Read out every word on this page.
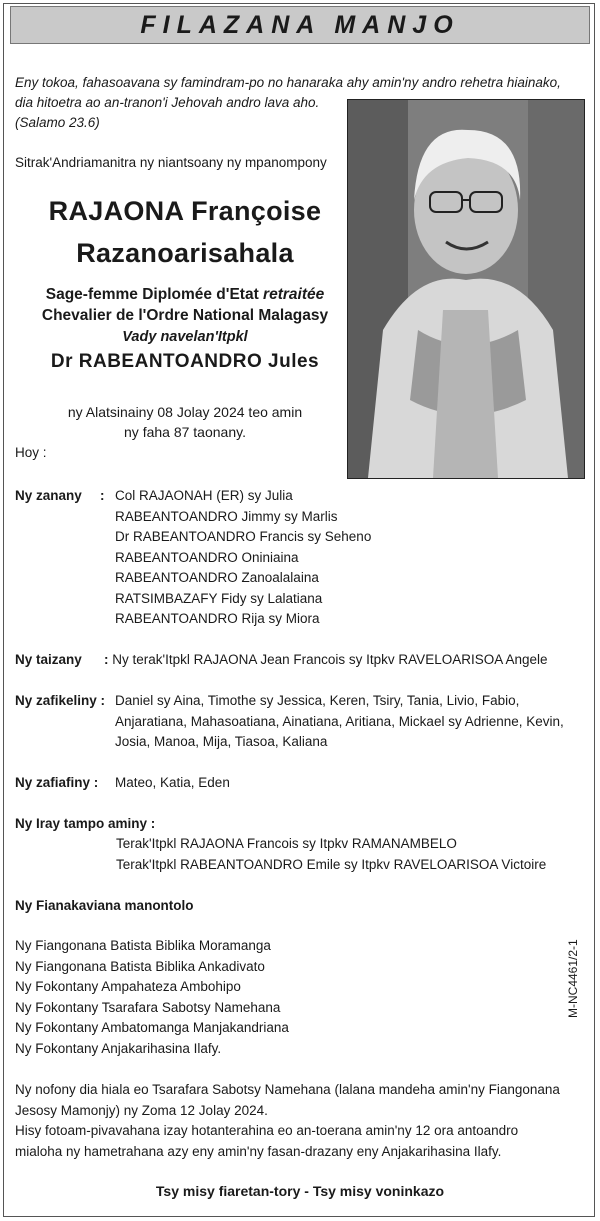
FILAZANA MANJO
Eny tokoa, fahasoavana sy famindram-po no hanaraka ahy amin'ny andro rehetra hiainako,
dia hitoetra ao an-tranon'i Jehovah andro lava aho.
(Salamo 23.6)
Sitrak'Andriamanitra ny niantsoany ny mpanompony
RAJAONA Françoise
Razanoarisahala
Sage-femme Diplomée d'Etat retraitée
Chevalier de l'Ordre National Malagasy
Vady navelan'Itpkl
Dr RABEANTOANDRO Jules
ny Alatsinainy 08 Jolay 2024 teo amin
ny faha 87 taonany.
Hoy :
Ny zanany : Col RAJAONAH (ER) sy Julia
RABEANTOANDRO Jimmy sy Marlis
Dr RABEANTOANDRO Francis sy Seheno
RABEANTOANDRO Oniniaina
RABEANTOANDRO Zanoalalaina
RATSIMBAZAFY Fidy sy Lalatiana
RABEANTOANDRO Rija sy Miora
Ny taizany : Ny terak'Itpkl RAJAONA Jean Francois sy Itpkv RAVELOARISOA Angele
Ny zafikeliny : Daniel sy Aina, Timothe sy Jessica, Keren, Tsiry, Tania, Livio, Fabio,
Anjaratiana, Mahasoatiana, Ainatiana, Aritiana, Mickael sy Adrienne, Kevin,
Josia, Manoa, Mija, Tiasoa, Kaliana
Ny zafiafiny : Mateo, Katia, Eden
Ny Iray tampo aminy :
Terak'Itpkl RAJAONA Francois sy Itpkv RAMANAMBELO
Terak'Itpkl RABEANTOANDRO Emile sy Itpkv RAVELOARISOA Victoire
Ny Fianakaviana manontolo
Ny Fiangonana Batista Biblika Moramanga
Ny Fiangonana Batista Biblika Ankadivato
Ny Fokontany Ampahateza Ambohipo
Ny Fokontany Tsarafara Sabotsy Namehana
Ny Fokontany Ambatomanga Manjakandriana
Ny Fokontany Anjakarihasina Ilafy.
M-NC4461/2-1
Ny nofony dia hiala eo Tsarafara Sabotsy Namehana (lalana mandeha amin'ny Fiangonana
Jesosy Mamonjy) ny Zoma 12 Jolay 2024.
Hisy fotoam-pivavahana izay hotanterahina eo an-toerana amin'ny 12 ora antoandro
mialoha ny hametrahana azy eny amin'ny fasan-drazany eny Anjakarihasina Ilafy.
Tsy misy fiaretan-tory - Tsy misy voninkazo
